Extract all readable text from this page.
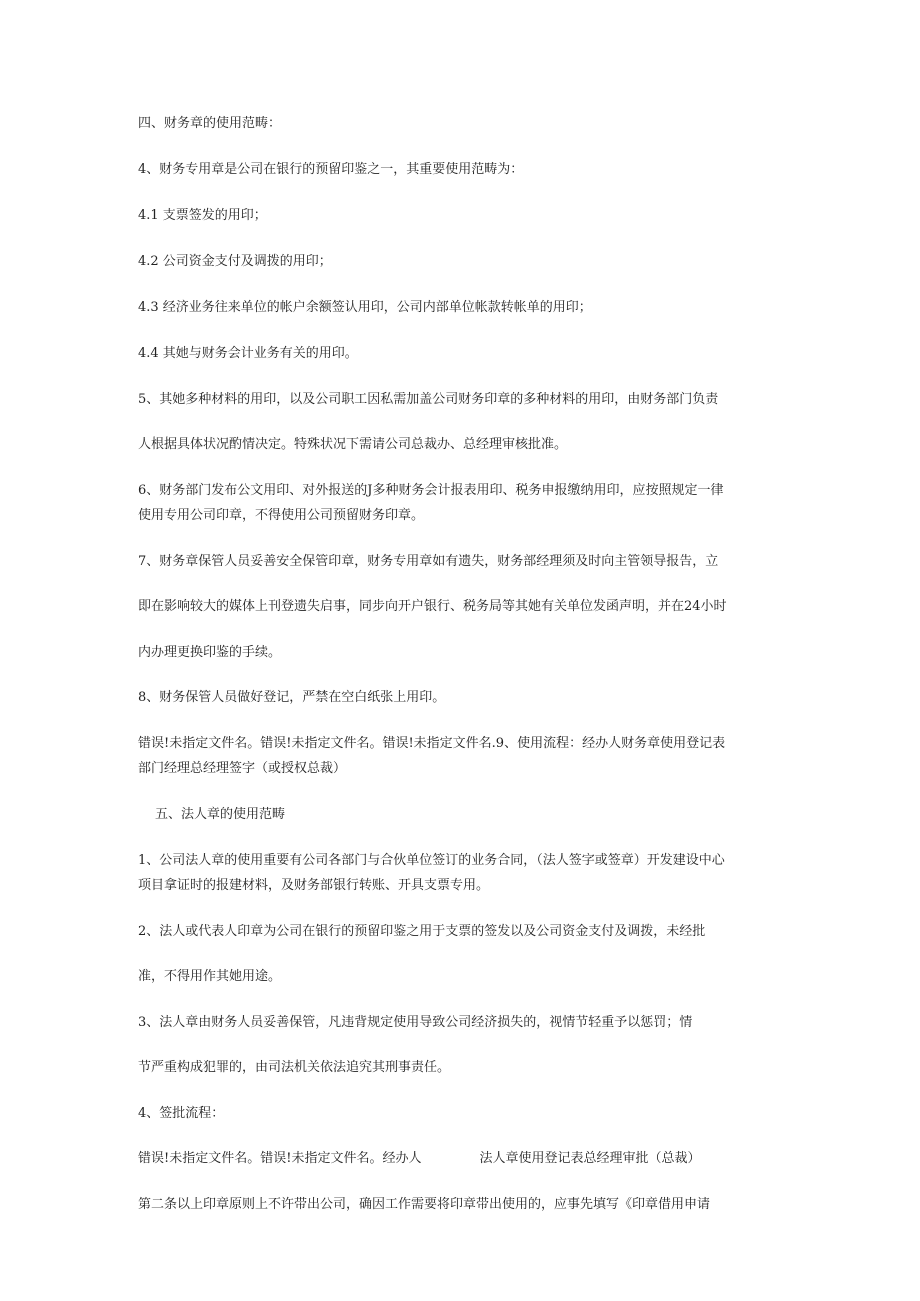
四、财务章的使用范畴：
4、财务专用章是公司在银行的预留印鉴之一，其重要使用范畴为：
4.1 支票签发的用印；
4.2 公司资金支付及调拨的用印；
4.3 经济业务往来单位的帐户余额签认用印，公司内部单位帐款转帐单的用印；
4.4 其她与财务会计业务有关的用印。
5、其她多种材料的用印，以及公司职工因私需加盖公司财务印章的多种材料的用印，由财务部门负责
人根据具体状况酌情决定。特殊状况下需请公司总裁办、总经理审核批准。
6、财务部门发布公文用印、对外报送的J多种财务会计报表用印、税务申报缴纳用印，应按照规定一律
使用专用公司印章，不得使用公司预留财务印章。
7、财务章保管人员妥善安全保管印章，财务专用章如有遗失，财务部经理须及时向主管领导报告，立
即在影响较大的媒体上刊登遗失启事，同步向开户银行、税务局等其她有关单位发函声明，并在24小时
内办理更换印鉴的手续。
8、财务保管人员做好登记，严禁在空白纸张上用印。
错误!未指定文件名。错误!未指定文件名。错误!未指定文件名.9、使用流程：经办人财务章使用登记表
部门经理总经理签字（或授权总裁）
五、法人章的使用范畴
1、公司法人章的使用重要有公司各部门与合伙单位签订的业务合同，（法人签字或签章）开发建设中心
项目拿证时的报建材料，及财务部银行转账、开具支票专用。
2、法人或代表人印章为公司在银行的预留印鉴之用于支票的签发以及公司资金支付及调拨，未经批
准，不得用作其她用途。
3、法人章由财务人员妥善保管，凡违背规定使用导致公司经济损失的，视情节轻重予以惩罚；情
节严重构成犯罪的，由司法机关依法追究其刑事责任。
4、签批流程：
错误!未指定文件名。错误!未指定文件名。经办人	法人章使用登记表总经理审批（总裁）
第二条以上印章原则上不许带出公司，确因工作需要将印章带出使用的，应事先填写《印章借用申请
